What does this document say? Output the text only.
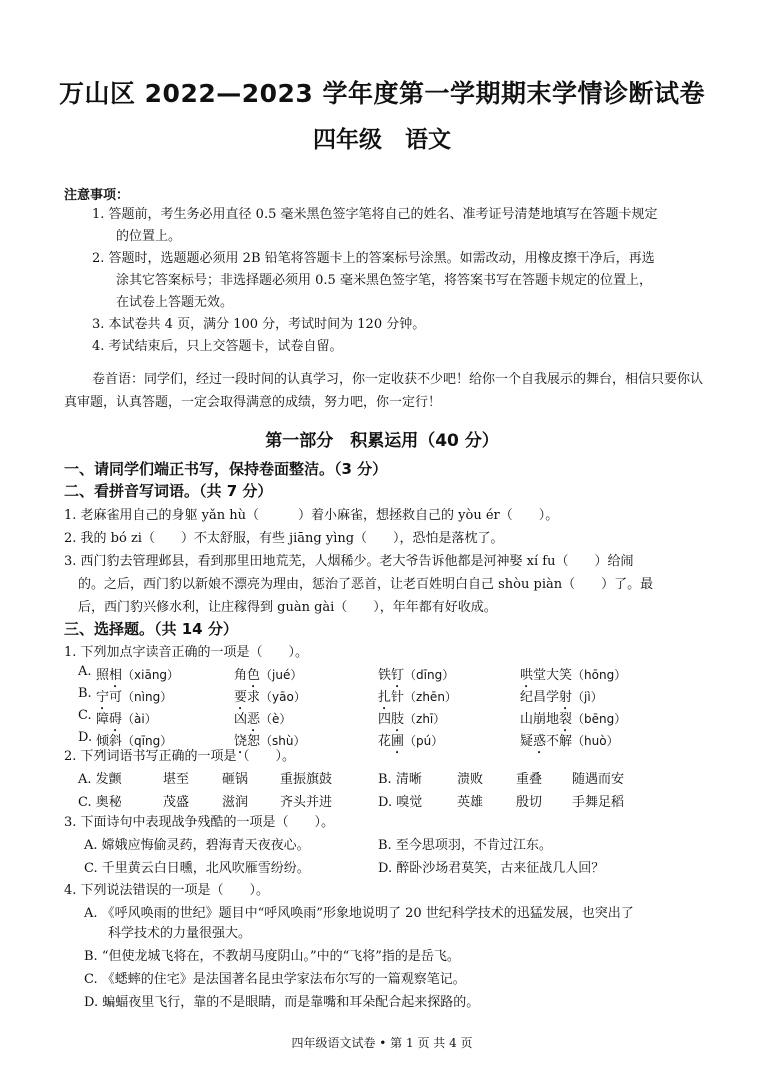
万山区 2022—2023 学年度第一学期期末学情诊断试卷
四年级　语文
注意事项：
1. 答题前，考生务必用直径 0.5 毫米黑色签字笔将自己的姓名、准考证号清楚地填写在答题卡规定
的位置上。
2. 答题时，选题题必须用 2B 铅笔将答题卡上的答案标号涂黑。如需改动，用橡皮擦干净后，再选
涂其它答案标号；非选择题必须用 0.5 毫米黑色签字笔，将答案书写在答题卡规定的位置上，
在试卷上答题无效。
3. 本试卷共 4 页，满分 100 分，考试时间为 120 分钟。
4. 考试结束后，只上交答题卡，试卷自留。
卷首语：同学们，经过一段时间的认真学习，你一定收获不少吧！给你一个自我展示的舞台，相信只要你认真审题，认真答题，一定会取得满意的成绩，努力吧，你一定行！
第一部分　积累运用（40 分）
一、请同学们端正书写，保持卷面整洁。（3 分）
二、看拼音写词语。（共 7 分）
1. 老麻雀用自己的身躯 yǎn hù（　　　）着小麻雀，想拯救自己的 yòu ér（　　）。
2. 我的 bó zi（　　）不太舒服，有些 jiāng yìng（　　），恐怕是落枕了。
3. 西门豹去管理邺县，看到那里田地荒芜，人烟稀少。老大爷告诉他都是河神娶 xí fu（　　）给闹
的。之后，西门豹以新娘不漂亮为理由，惩治了恶首，让老百姓明白自己 shòu piàn（　　）了。最
后，西门豹兴修水利，让庄稼得到 guàn gài（　　），年年都有好收成。
三、选择题。（共 14 分）
1. 下列加点字读音正确的一项是（　　）。
A. 照相（xiāng）	角色（jué）	铁钉（dīng）	哄堂大笑（hōng）
B. 宁可（nìng）	要求（yāo）	扎针（zhēn）	纪昌学射（jì）
C. 障碍（ài）	凶恶（è）	四肢（zhī）	山崩地裂（bēng）
D. 倾斜（qīng）	饶恕（shù）	花圃（pú）	疑惑不解（huò）
2. 下列词语书写正确的一项是（　　）。
A. 发颤	堪至	砸锅 重振旗鼓	B. 清晰	溃败	重叠 随遇而安
C. 奥秘	茂盛	滋润 齐头并进	D. 嗅觉	英雄	殷切 手舞足稻
3. 下面诗句中表现战争残酷的一项是（　　）。
A. 嫦娥应悔偷灵药，碧海青天夜夜心。	B. 至今思项羽，不肯过江东。
C. 千里黄云白日曛，北风吹雁雪纷纷。	D. 醉卧沙场君莫笑，古来征战几人回？
4. 下列说法错误的一项是（　　）。
A. 《呼风唤雨的世纪》题目中“呼风唤雨”形象地说明了 20 世纪科学技术的迅猛发展，也突出了
科学技术的力量很强大。
B. “但使龙城飞将在，不教胡马度阴山。”中的“飞将”指的是岳飞。
C. 《蟋蟀的住宅》是法国著名昆虫学家法布尔写的一篇观察笔记。
D. 蝙蝠夜里飞行，靠的不是眼睛，而是靠嘴和耳朵配合起来探路的。
四年级语文试卷 • 第 1 页 共 4 页
